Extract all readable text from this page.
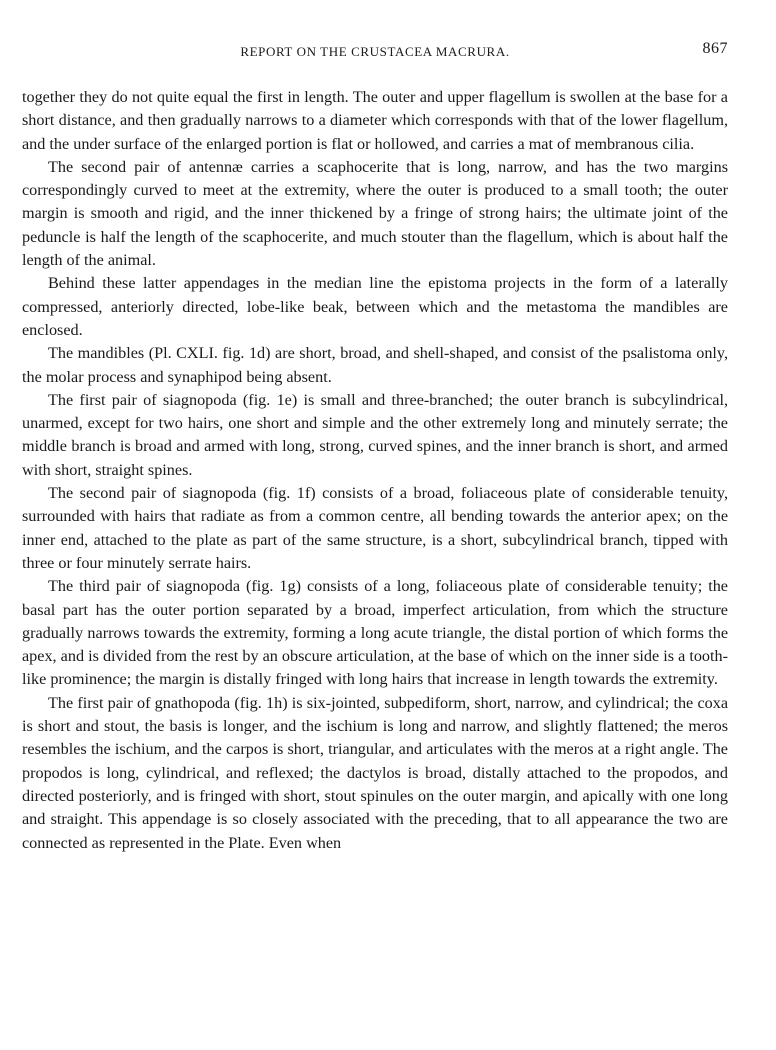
REPORT ON THE CRUSTACEA MACRURA.	867

together they do not quite equal the first in length. The outer and upper flagellum is swollen at the base for a short distance, and then gradually narrows to a diameter which corresponds with that of the lower flagellum, and the under surface of the enlarged portion is flat or hollowed, and carries a mat of membranous cilia.

The second pair of antennæ carries a scaphocerite that is long, narrow, and has the two margins correspondingly curved to meet at the extremity, where the outer is produced to a small tooth; the outer margin is smooth and rigid, and the inner thickened by a fringe of strong hairs; the ultimate joint of the peduncle is half the length of the scaphocerite, and much stouter than the flagellum, which is about half the length of the animal.

Behind these latter appendages in the median line the epistoma projects in the form of a laterally compressed, anteriorly directed, lobe-like beak, between which and the metastoma the mandibles are enclosed.

The mandibles (Pl. CXLI. fig. 1d) are short, broad, and shell-shaped, and consist of the psalistoma only, the molar process and synaphipod being absent.

The first pair of siagnopoda (fig. 1e) is small and three-branched; the outer branch is subcylindrical, unarmed, except for two hairs, one short and simple and the other extremely long and minutely serrate; the middle branch is broad and armed with long, strong, curved spines, and the inner branch is short, and armed with short, straight spines.

The second pair of siagnopoda (fig. 1f) consists of a broad, foliaceous plate of considerable tenuity, surrounded with hairs that radiate as from a common centre, all bending towards the anterior apex; on the inner end, attached to the plate as part of the same structure, is a short, subcylindrical branch, tipped with three or four minutely serrate hairs.

The third pair of siagnopoda (fig. 1g) consists of a long, foliaceous plate of considerable tenuity; the basal part has the outer portion separated by a broad, imperfect articulation, from which the structure gradually narrows towards the extremity, forming a long acute triangle, the distal portion of which forms the apex, and is divided from the rest by an obscure articulation, at the base of which on the inner side is a tooth-like prominence; the margin is distally fringed with long hairs that increase in length towards the extremity.

The first pair of gnathopoda (fig. 1h) is six-jointed, subpediform, short, narrow, and cylindrical; the coxa is short and stout, the basis is longer, and the ischium is long and narrow, and slightly flattened; the meros resembles the ischium, and the carpos is short, triangular, and articulates with the meros at a right angle. The propodos is long, cylindrical, and reflexed; the dactylos is broad, distally attached to the propodos, and directed posteriorly, and is fringed with short, stout spinules on the outer margin, and apically with one long and straight. This appendage is so closely associated with the preceding, that to all appearance the two are connected as represented in the Plate. Even when
